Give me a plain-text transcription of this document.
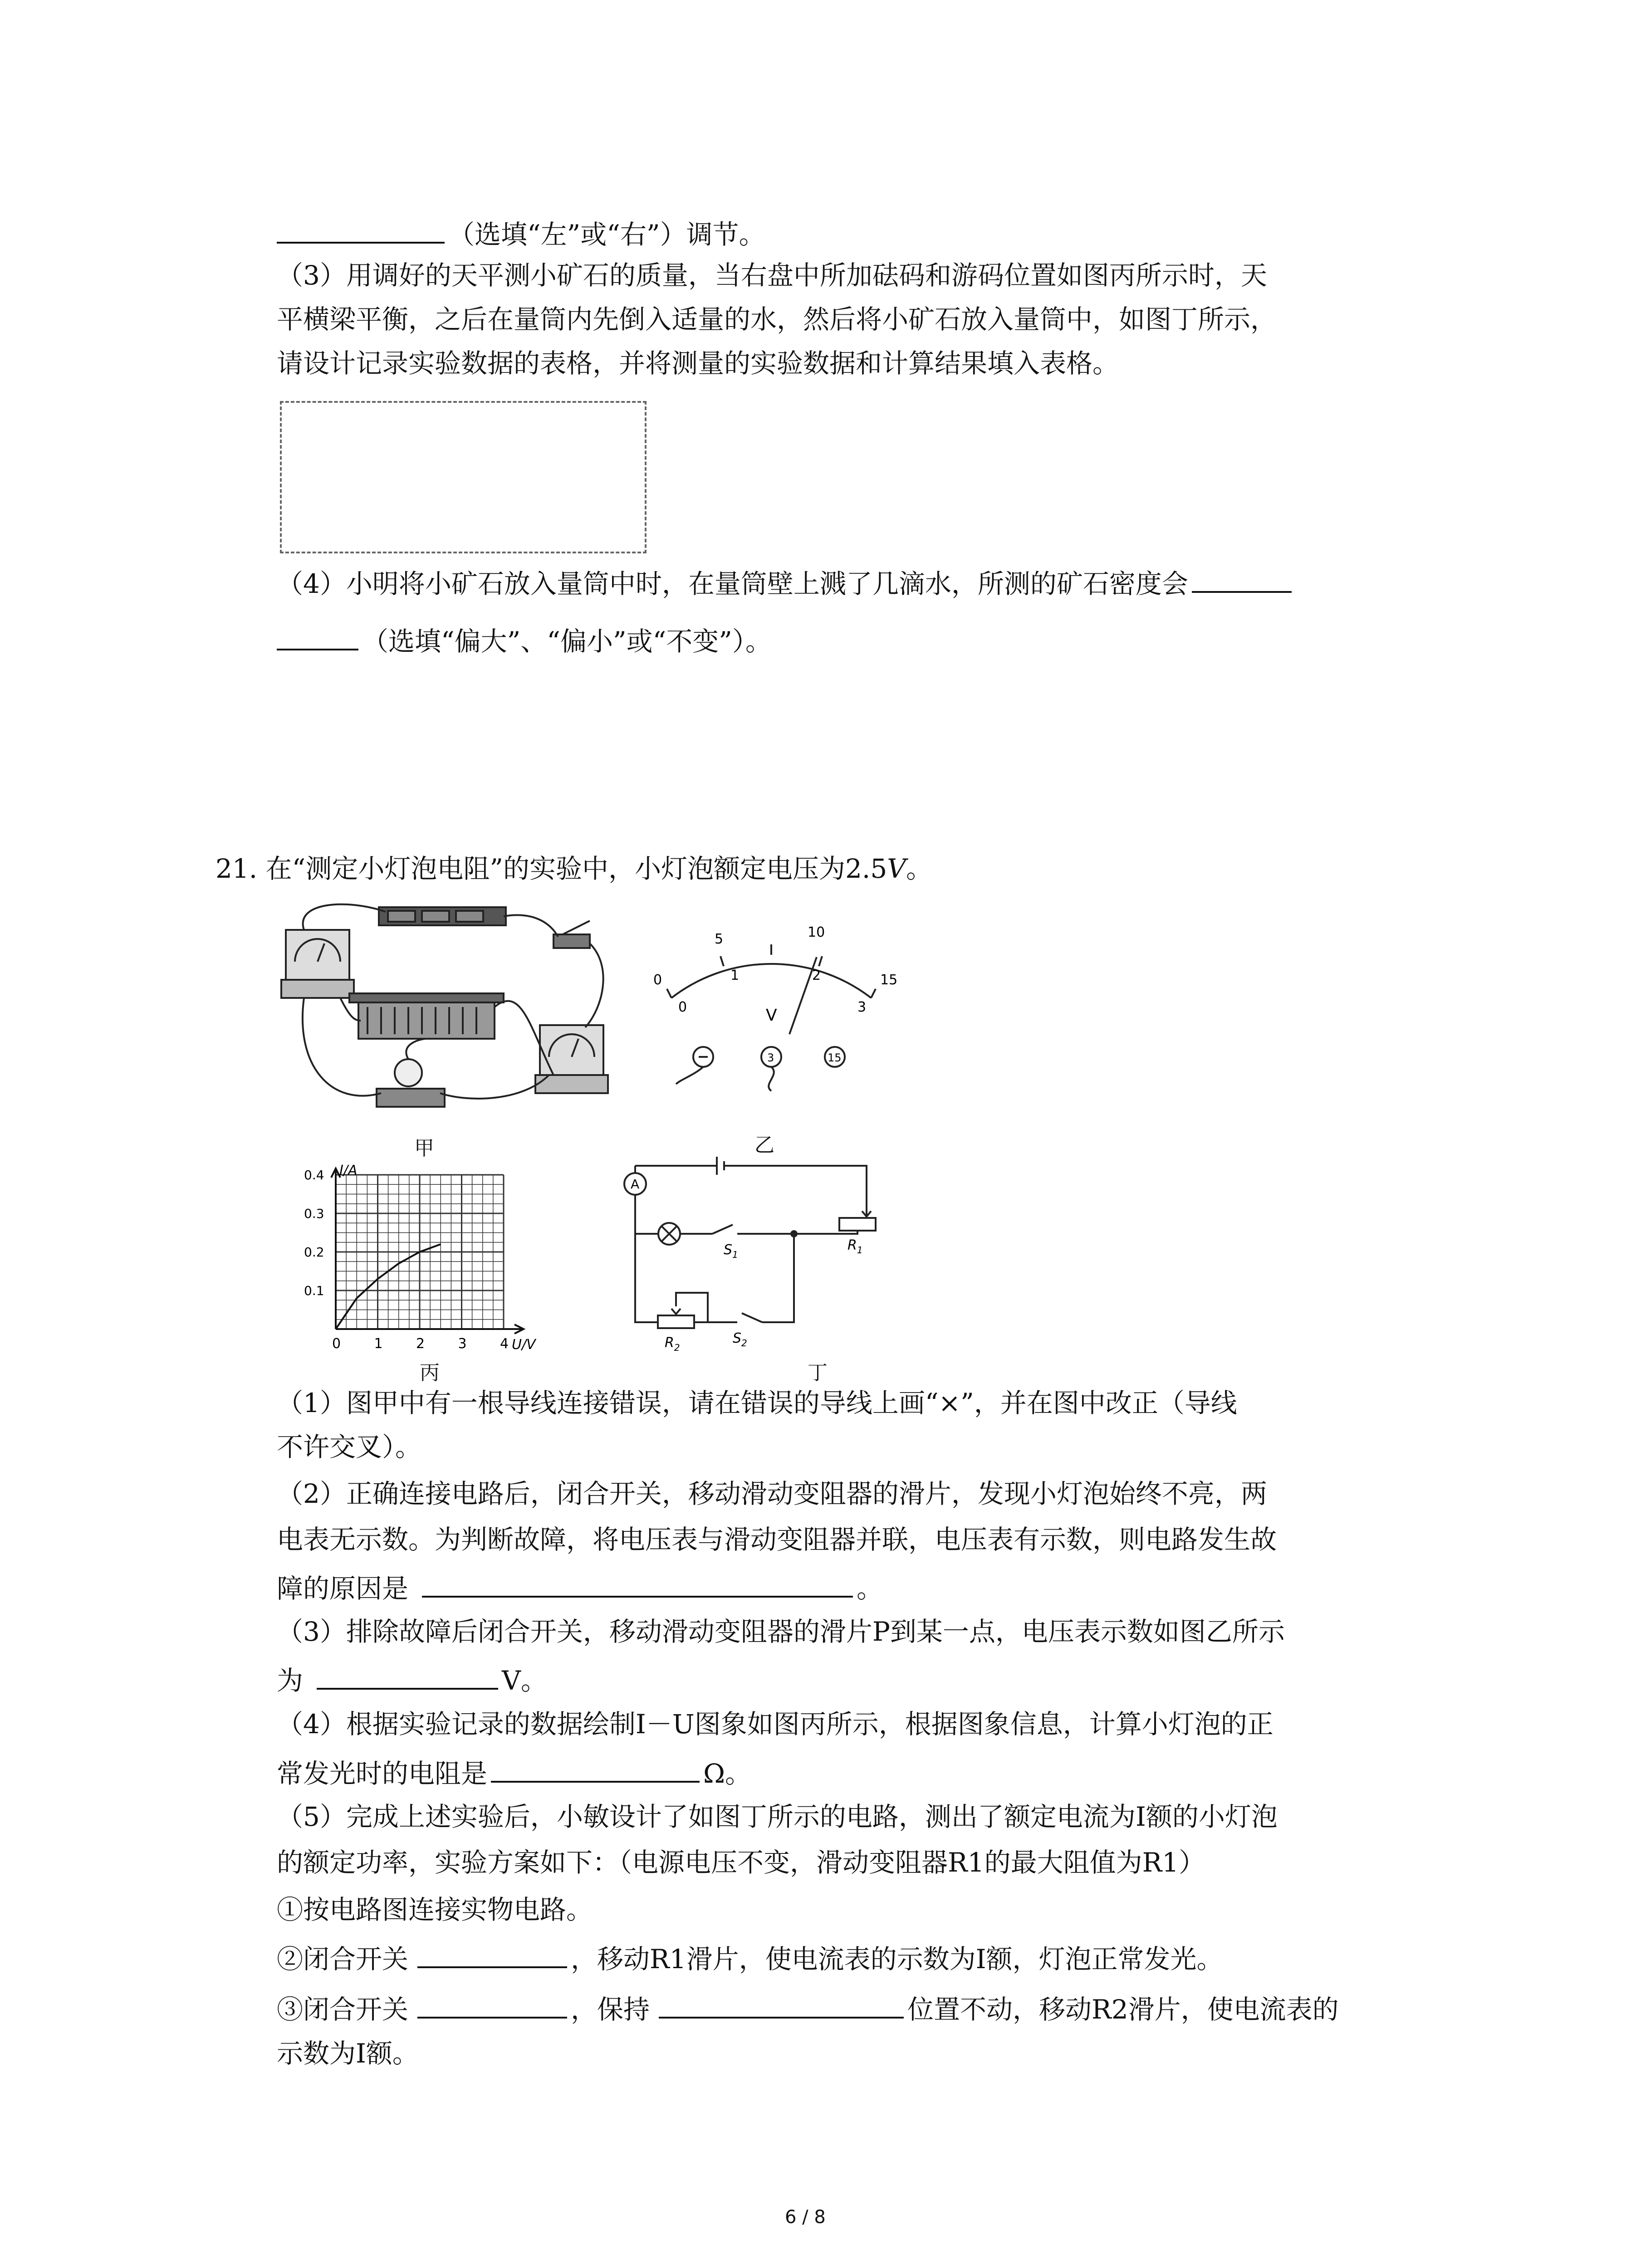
（选填“左”或“右”）调节。
（3）用调好的天平测小矿石的质量，当右盘中所加砝码和游码位置如图丙所示时，天
平横梁平衡，之后在量筒内先倒入适量的水，然后将小矿石放入量筒中，如图丁所示，
请设计记录实验数据的表格，并将测量的实验数据和计算结果填入表格。
（4）小明将小矿石放入量筒中时，在量筒壁上溅了几滴水，所测的矿石密度会
（选填“偏大”、“偏小”或“不变”）。
21. 在“测定小灯泡电阻”的实验中，小灯泡额定电压为2.5V。
甲
0
1	2
3
0
5	10
15
V
3	15
乙
0 1 2 3 4
0.1
0.2
0.3
0.4 I/A
U/V
丙
A
$S_1$
$R_1$
$R_2$
$S_2$
丁
（1）图甲中有一根导线连接错误，请在错误的导线上画“×”，并在图中改正（导线
不许交叉）。
（2）正确连接电路后，闭合开关，移动滑动变阻器的滑片，发现小灯泡始终不亮，两
电表无示数。为判断故障，将电压表与滑动变阻器并联，电压表有示数，则电路发生故
障的原因是	。
（3）排除故障后闭合开关，移动滑动变阻器的滑片P到某一点，电压表示数如图乙所示
为	V。
（4）根据实验记录的数据绘制I－U图象如图丙所示，根据图象信息，计算小灯泡的正
常发光时的电阻是	Ω。
（5）完成上述实验后，小敏设计了如图丁所示的电路，测出了额定电流为I额的小灯泡
的额定功率，实验方案如下：（电源电压不变，滑动变阻器R1的最大阻值为R1）
①按电路图连接实物电路。
②闭合开关	，移动R1滑片，使电流表的示数为I额，灯泡正常发光。
③闭合开关	，保持	位置不动，移动R2滑片，使电流表的
示数为I额。
6 / 8
